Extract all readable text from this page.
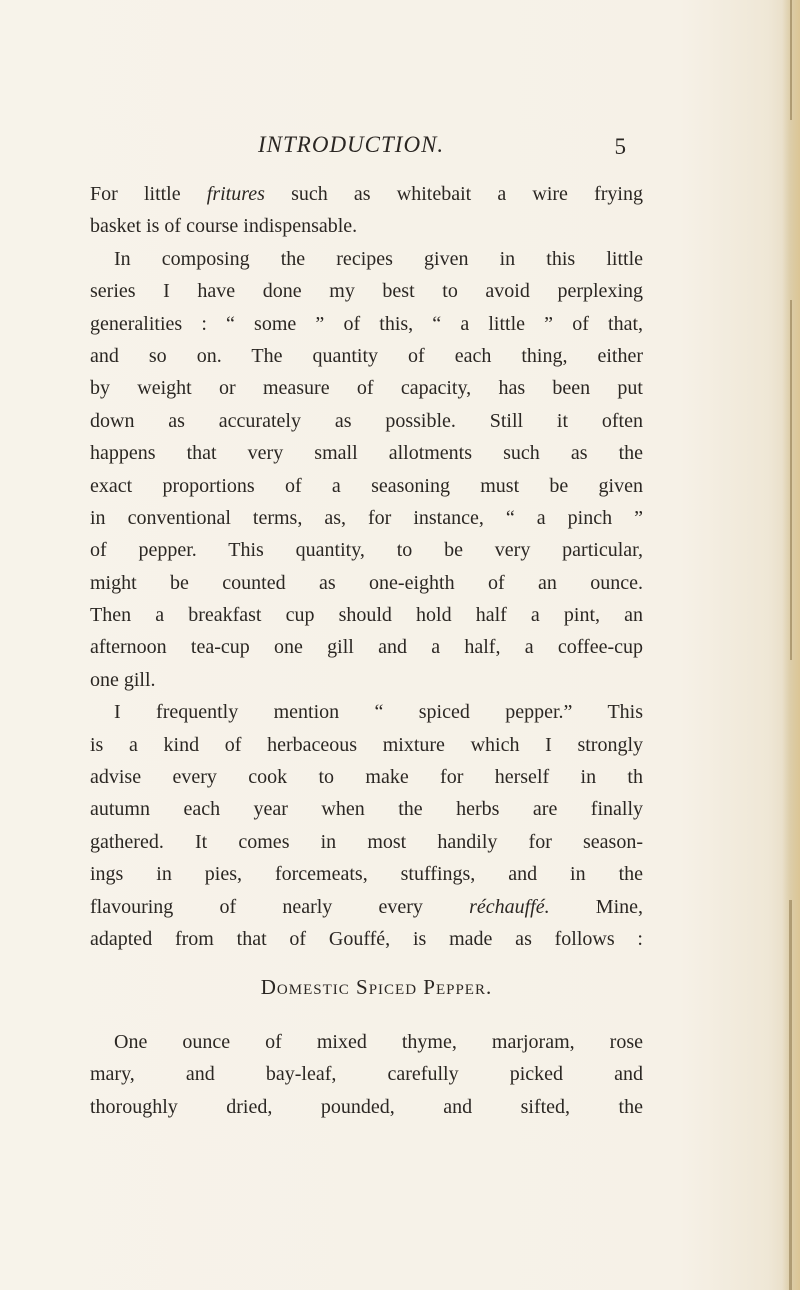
INTRODUCTION.	5
For little fritures such as whitebait a wire frying
basket is of course indispensable.
In composing the recipes given in this little
series I have done my best to avoid perplexing
generalities : “ some ” of this, “ a little ” of that,
and so on. The quantity of each thing, either
by weight or measure of capacity, has been put
down as accurately as possible. Still it often
happens that very small allotments such as the
exact proportions of a seasoning must be given
in conventional terms, as, for instance, “ a pinch ”
of pepper. This quantity, to be very particular,
might be counted as one-eighth of an ounce.
Then a breakfast cup should hold half a pint, an
afternoon tea-cup one gill and a half, a coffee-cup
one gill.
I frequently mention “ spiced pepper.” This
is a kind of herbaceous mixture which I strongly
advise every cook to make for herself in th
autumn each year when the herbs are finally
gathered. It comes in most handily for season-
ings in pies, forcemeats, stuffings, and in the
flavouring of nearly every réchauffé. Mine,
adapted from that of Gouffé, is made as follows :
Domestic Spiced Pepper.
One ounce of mixed thyme, marjoram, rose
mary, and bay-leaf, carefully picked and
thoroughly dried, pounded, and sifted, the
